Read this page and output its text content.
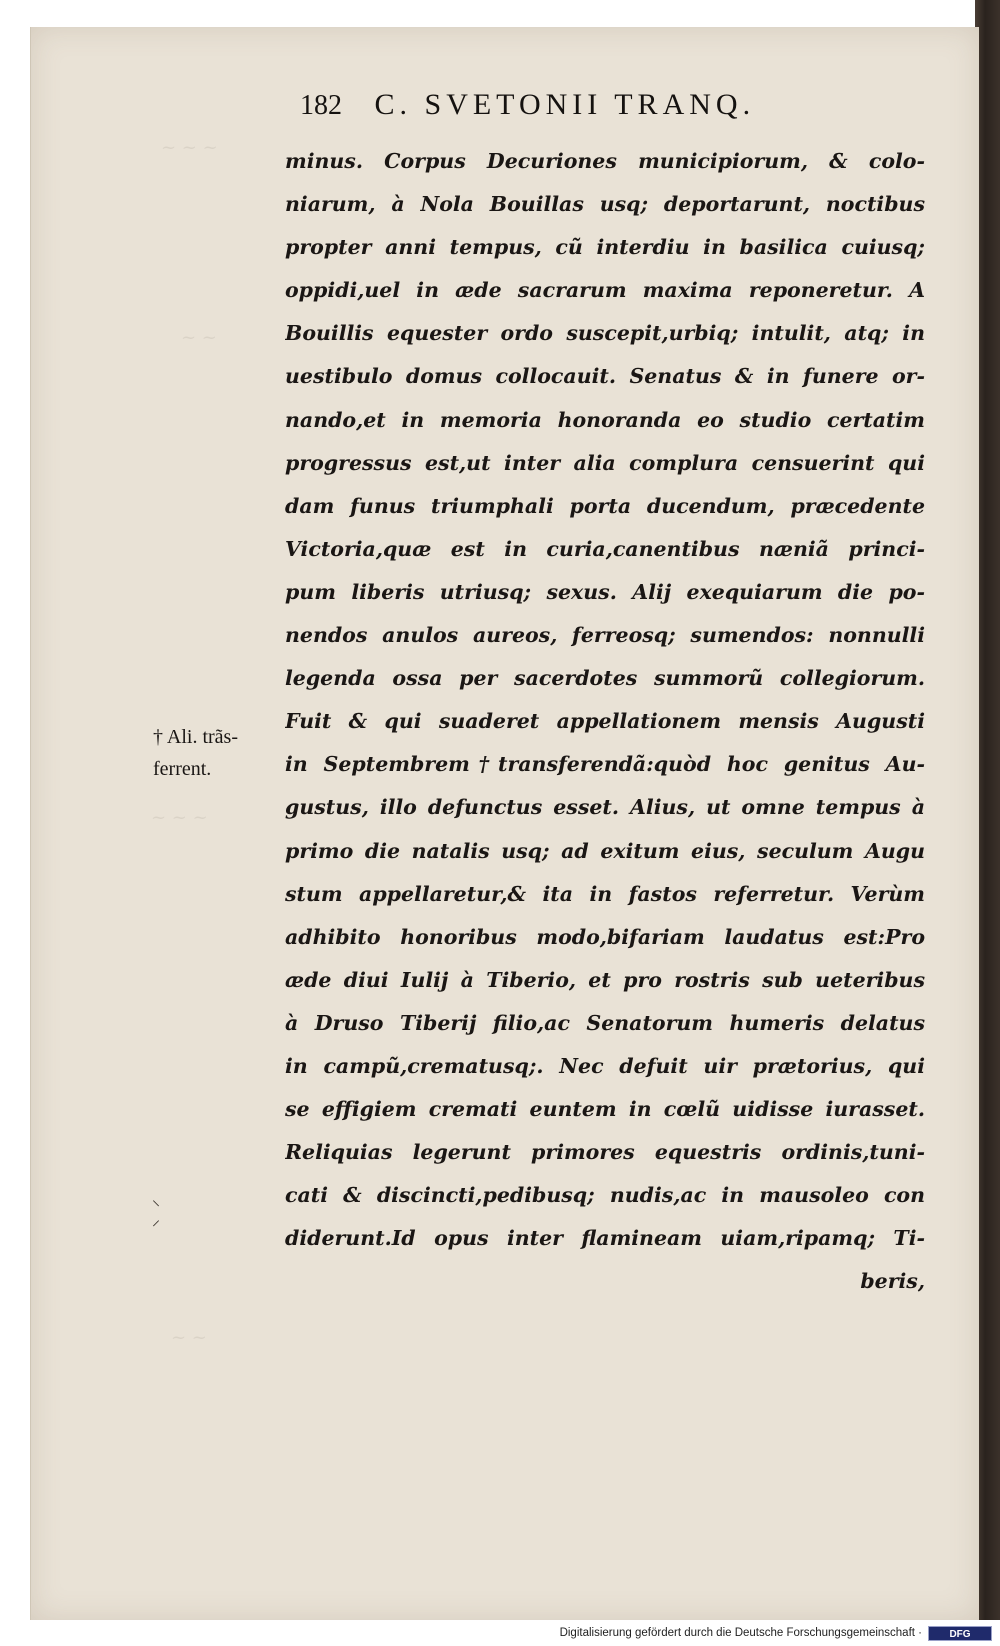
~ ~ ~
~ ~
~ ~ ~
~ ~
182 C. SVETONII TRANQ.
minus. Corpus Decuriones municipiorum, & colo-
niarum, à Nola Bouillas usq; deportarunt, noctibus
propter anni tempus, cũ interdiu in basilica cuiusq;
oppidi,uel in æde sacrarum maxima reponeretur. A
Bouillis equester ordo suscepit,urbiq; intulit, atq; in
uestibulo domus collocauit. Senatus & in funere or-
nando,et in memoria honoranda eo studio certatim
progressus est,ut inter alia complura censuerint qui
dam funus triumphali porta ducendum, præcedente
Victoria,quæ est in curia,canentibus næniã princi-
pum liberis utriusq; sexus. Alij exequiarum die po-
nendos anulos aureos, ferreosq; sumendos: nonnulli
legenda ossa per sacerdotes summorũ collegiorum.
Fuit & qui suaderet appellationem mensis Augusti
in Septembrem†transferendã:quòd hoc genitus Au-
gustus, illo defunctus esset. Alius, ut omne tempus à
primo die natalis usq; ad exitum eius, seculum Augu
stum appellaretur,& ita in fastos referretur. Verùm
adhibito honoribus modo,bifariam laudatus est:Pro
æde diui Iulij à Tiberio, et pro rostris sub ueteribus
à Druso Tiberij filio,ac Senatorum humeris delatus
in campũ,crematusq;. Nec defuit uir prætorius, qui
se effigiem cremati euntem in cœlũ uidisse iurasset.
Reliquias legerunt primores equestris ordinis,tuni-
cati & discincti,pedibusq; nudis,ac in mausoleo con
diderunt.Id opus inter flamineam uiam,ripamq; Ti-
beris,
† Ali. trãs-
ferrent.
⸜
⸝
Digitalisierung gefördert durch die Deutsche Forschungsgemeinschaft ·	DFG
